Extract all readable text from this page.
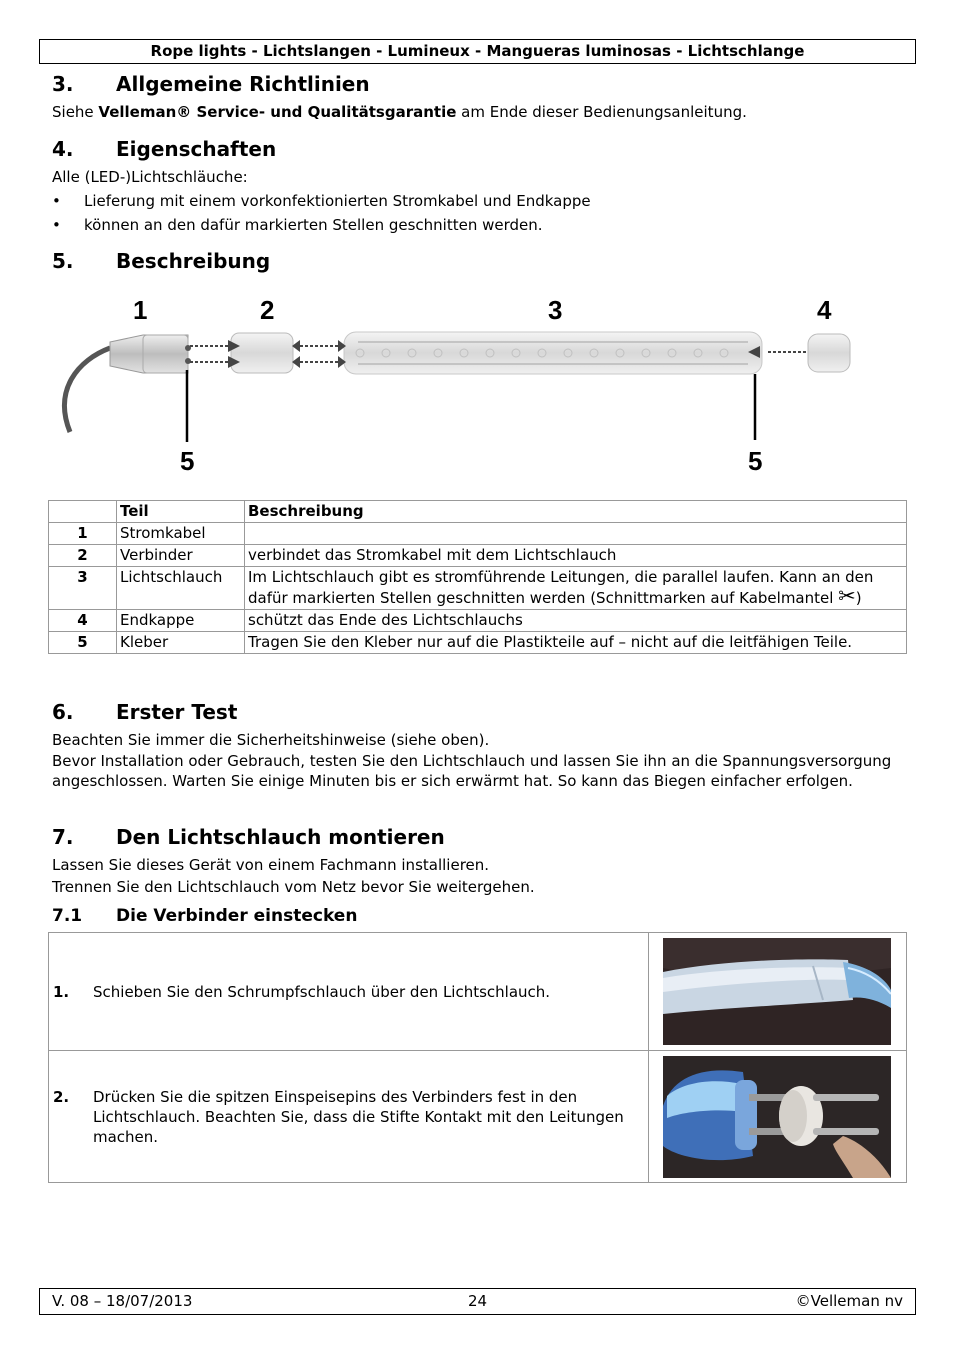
Rope lights - Lichtslangen - Lumineux - Mangueras luminosas - Lichtschlange
3. Allgemeine Richtlinien
Siehe Velleman® Service- und Qualitätsgarantie am Ende dieser Bedienungsanleitung.
4. Eigenschaften
Alle (LED-)Lichtschläuche:
• Lieferung mit einem vorkonfektionierten Stromkabel und Endkappe
• können an den dafür markierten Stellen geschnitten werden.
5. Beschreibung
1	2	3	4
5	5
	Teil	Beschreibung
1	Stromkabel	
2	Verbinder	verbindet das Stromkabel mit dem Lichtschlauch
3	Lichtschlauch	Im Lichtschlauch gibt es stromführende Leitungen, die parallel laufen. Kann an den dafür markierten Stellen geschnitten werden (Schnittmarken auf Kabelmantel ✂)
4	Endkappe	schützt das Ende des Lichtschlauchs
5	Kleber	Tragen Sie den Kleber nur auf die Plastikteile auf – nicht auf die leitfähigen Teile.
6. Erster Test
Beachten Sie immer die Sicherheitshinweise (siehe oben).
Bevor Installation oder Gebrauch, testen Sie den Lichtschlauch und lassen Sie ihn an die Spannungsversorgung angeschlossen. Warten Sie einige Minuten bis er sich erwärmt hat. So kann das Biegen einfacher erfolgen.
7. Den Lichtschlauch montieren
Lassen Sie dieses Gerät von einem Fachmann installieren.
Trennen Sie den Lichtschlauch vom Netz bevor Sie weitergehen.
7.1 Die Verbinder einstecken
1. Schieben Sie den Schrumpfschlauch über den Lichtschlauch.	

2. Drücken Sie die spitzen Einspeisepins des Verbinders fest in den Lichtschlauch. Beachten Sie, dass die Stifte Kontakt mit den Leitungen machen.	
V. 08 – 18/07/2013	24	©Velleman nv
